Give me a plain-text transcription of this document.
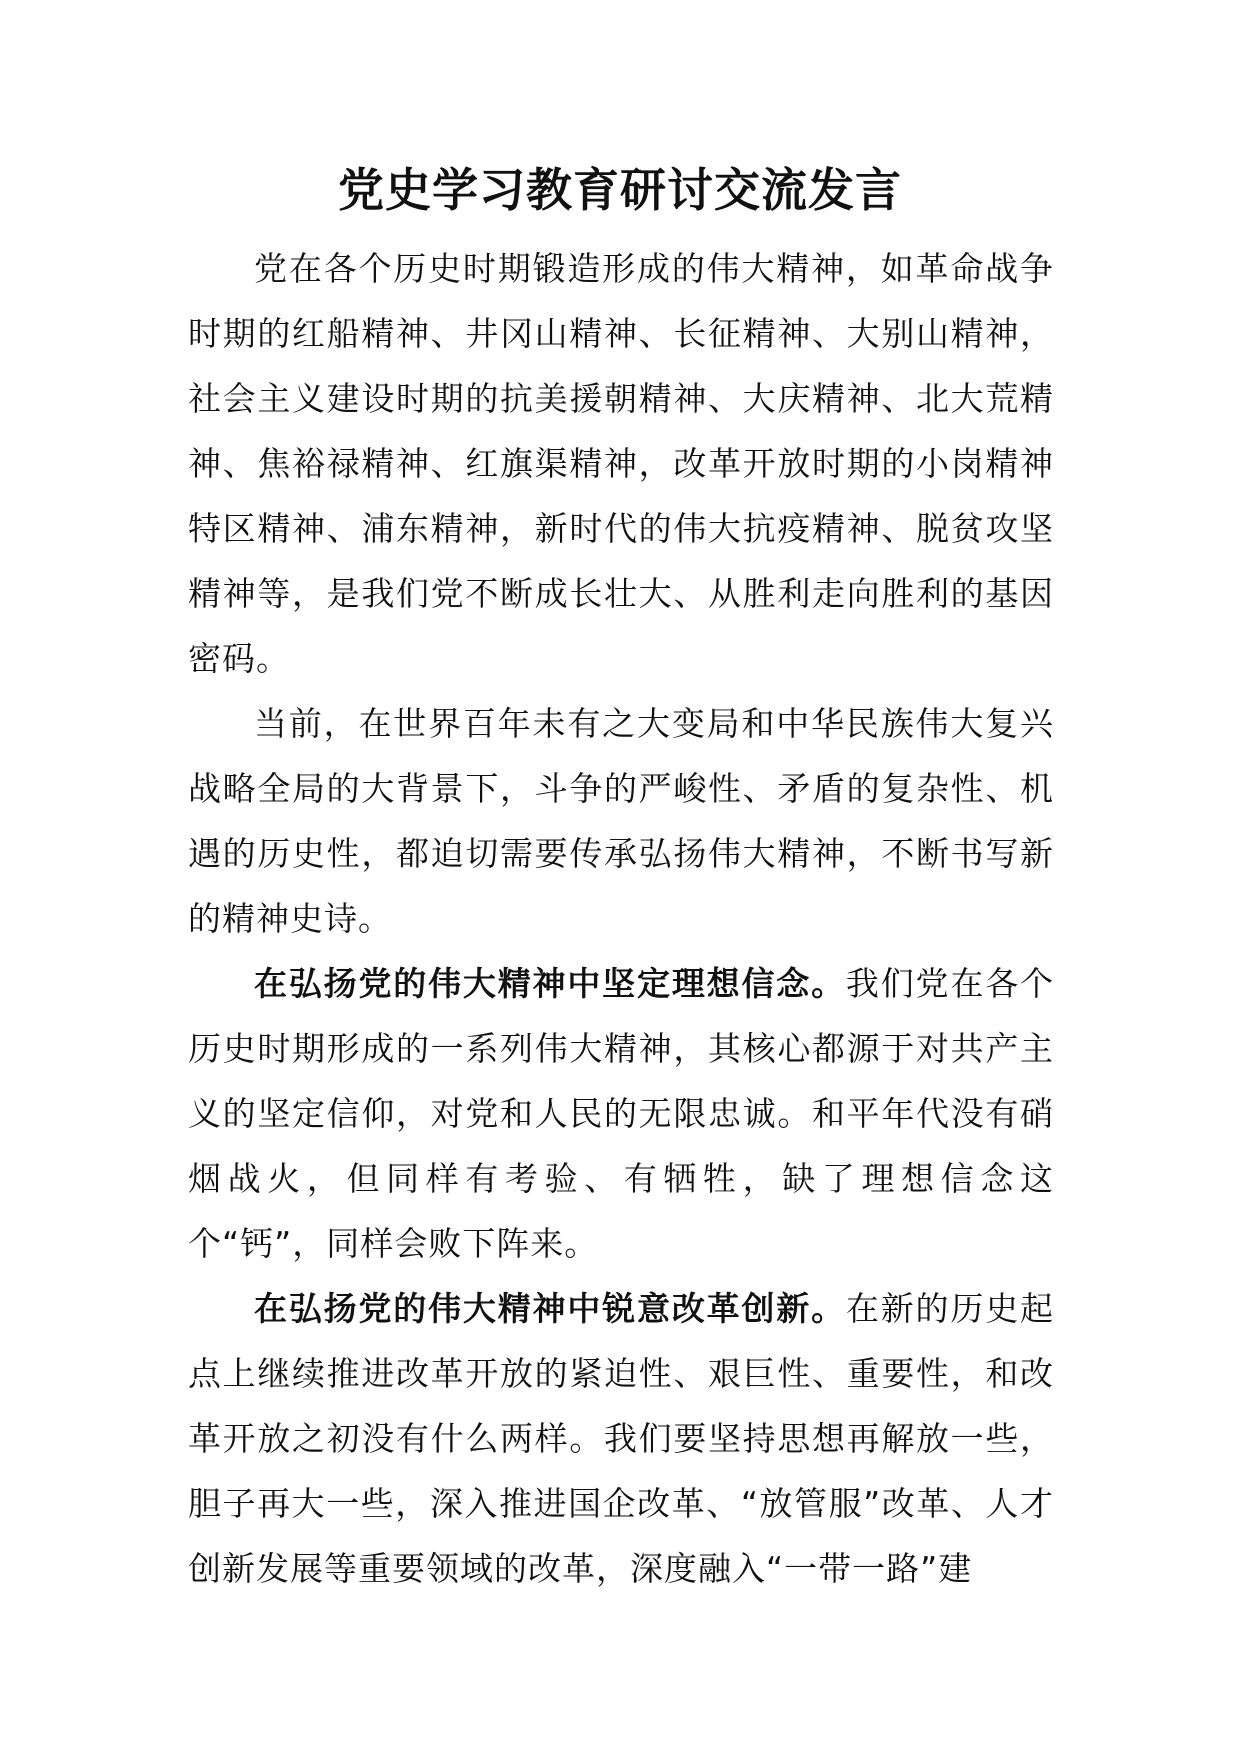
党史学习教育研讨交流发言

党在各个历史时期锻造形成的伟大精神，如革命战争时期的红船精神、井冈山精神、长征精神、大别山精神，社会主义建设时期的抗美援朝精神、大庆精神、北大荒精神、焦裕禄精神、红旗渠精神，改革开放时期的小岗精神特区精神、浦东精神，新时代的伟大抗疫精神、脱贫攻坚精神等，是我们党不断成长壮大、从胜利走向胜利的基因密码。

当前，在世界百年未有之大变局和中华民族伟大复兴战略全局的大背景下，斗争的严峻性、矛盾的复杂性、机遇的历史性，都迫切需要传承弘扬伟大精神，不断书写新的精神史诗。

在弘扬党的伟大精神中坚定理想信念。我们党在各个历史时期形成的一系列伟大精神，其核心都源于对共产主义的坚定信仰，对党和人民的无限忠诚。和平年代没有硝烟战火，但同样有考验、有牺牲，缺了理想信念这个“钙”，同样会败下阵来。

在弘扬党的伟大精神中锐意改革创新。在新的历史起点上继续推进改革开放的紧迫性、艰巨性、重要性，和改革开放之初没有什么两样。我们要坚持思想再解放一些，胆子再大一些，深入推进国企改革、“放管服”改革、人才创新发展等重要领域的改革，深度融入“一带一路”建
